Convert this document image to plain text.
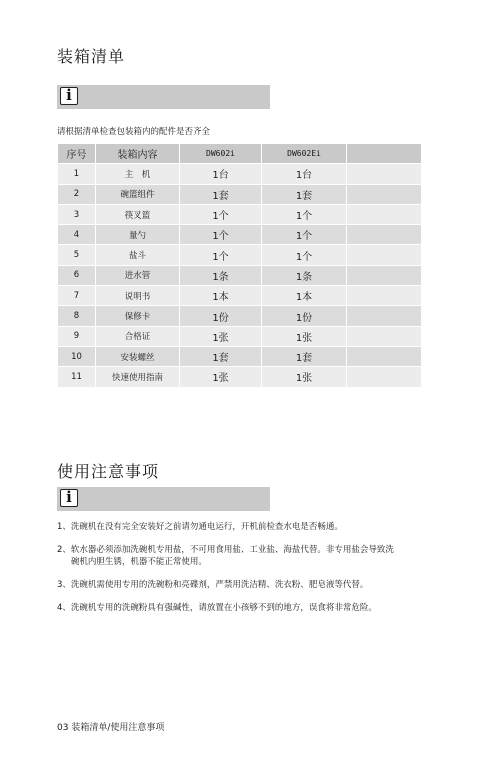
装箱清单
i
请根据清单检查包装箱内的配件是否齐全
序号	装箱内容	DW602i	DW602Ei	
1	主　机	1台	1台	
2	碗篮组件	1套	1套	
3	筷叉篮	1个	1个	
4	量勺	1个	1个	
5	盐斗	1个	1个	
6	进水管	1条	1条	
7	说明书	1本	1本	
8	保修卡	1份	1份	
9	合格证	1张	1张	
10	安装螺丝	1套	1套	
11	快速使用指南	1张	1张	
使用注意事项
i
1、 洗碗机在没有完全安装好之前请勿通电运行，开机前检查水电是否畅通。
2、 软水器必须添加洗碗机专用盐，不可用食用盐、工业盐、海盐代替。非专用盐会导致洗碗机内胆生锈，机器不能正常使用。
3、 洗碗机需使用专用的洗碗粉和亮碟剂，严禁用洗洁精、洗衣粉、肥皂液等代替。
4、 洗碗机专用的洗碗粉具有强碱性，请放置在小孩够不到的地方，误食将非常危险。
03 装箱清单/使用注意事项
